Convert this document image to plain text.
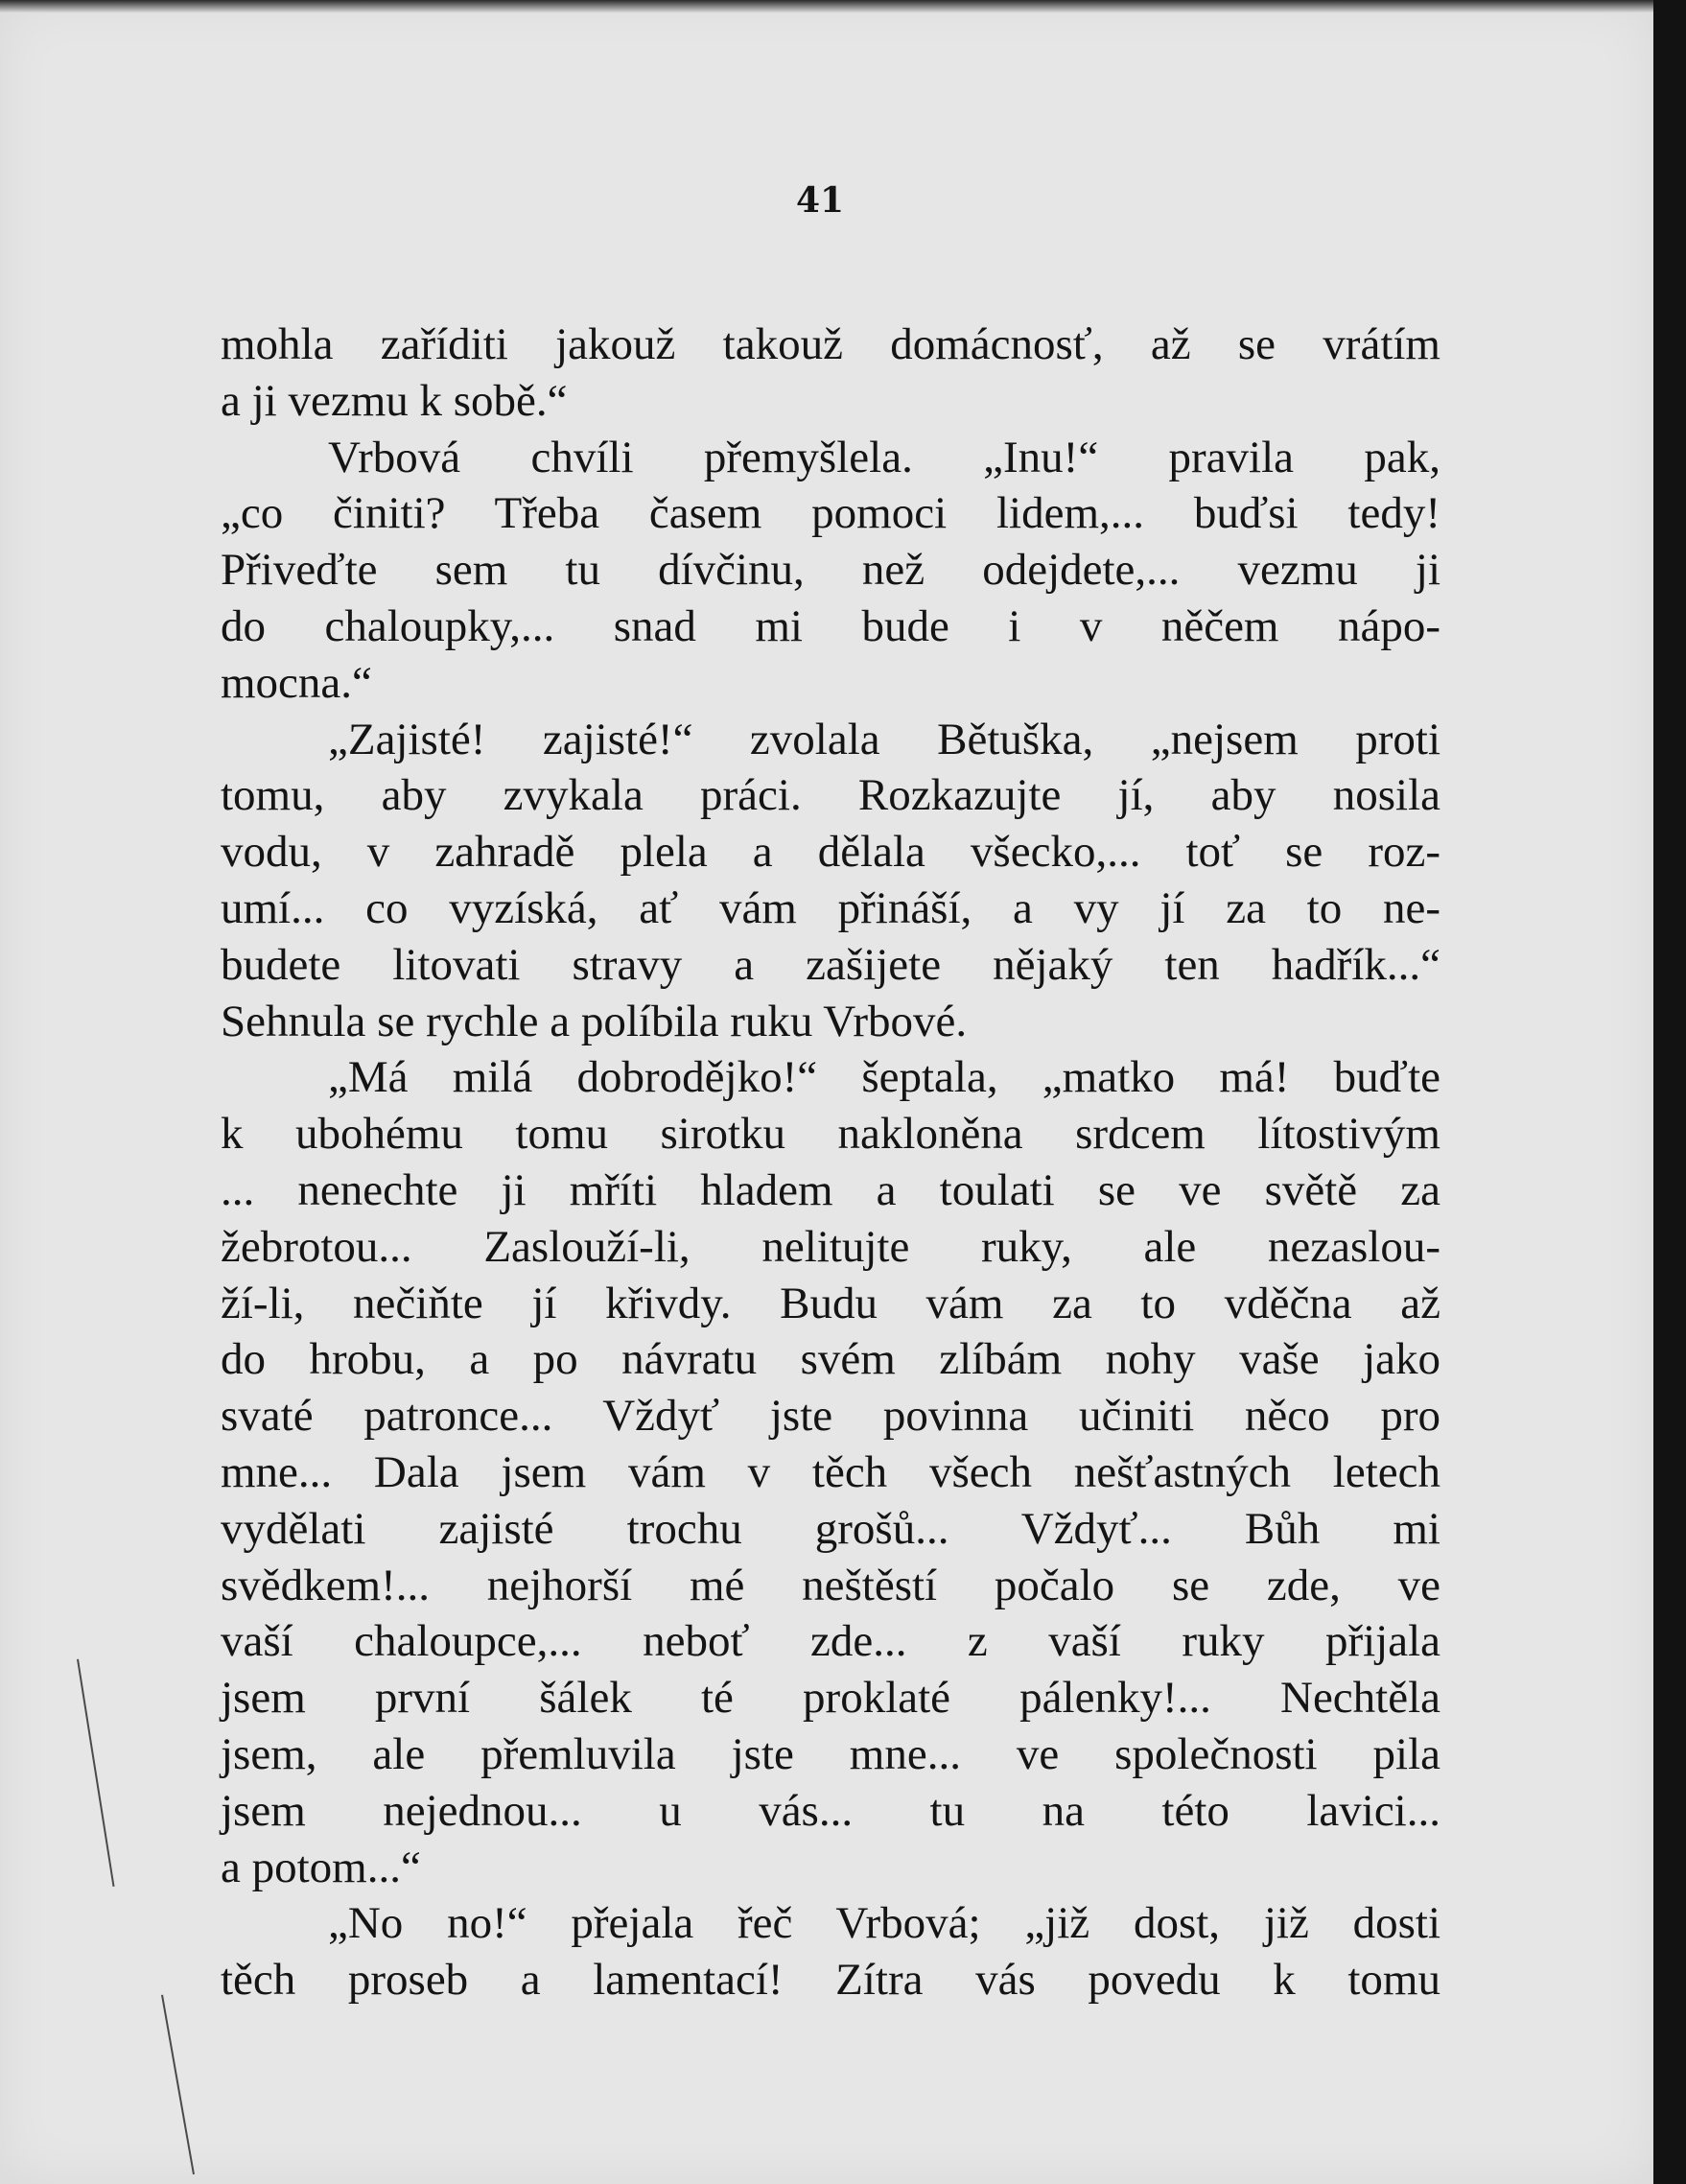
41
mohla zaříditi jakouž takouž domácnosť, až se vrátím
a ji vezmu k sobě.“
Vrbová chvíli přemyšlela. „Inu!“ pravila pak,
„co činiti? Třeba časem pomoci lidem,... buďsi tedy!
Přiveďte sem tu dívčinu, než odejdete,... vezmu ji
do chaloupky,... snad mi bude i v něčem nápo-
mocna.“
„Zajisté! zajisté!“ zvolala Bětuška, „nejsem proti
tomu, aby zvykala práci. Rozkazujte jí, aby nosila
vodu, v zahradě plela a dělala všecko,... toť se roz-
umí... co vyzíská, ať vám přináší, a vy jí za to ne-
budete litovati stravy a zašijete nějaký ten hadřík...“
Sehnula se rychle a políbila ruku Vrbové.
„Má milá dobrodějko!“ šeptala, „matko má! buďte
k ubohému tomu sirotku nakloněna srdcem lítostivým
... nenechte ji mříti hladem a toulati se ve světě za
žebrotou... Zaslouží-li, nelitujte ruky, ale nezaslou-
ží-li, nečiňte jí křivdy. Budu vám za to vděčna až
do hrobu, a po návratu svém zlíbám nohy vaše jako
svaté patronce... Vždyť jste povinna učiniti něco pro
mne... Dala jsem vám v těch všech nešťastných letech
vydělati zajisté trochu grošů... Vždyť... Bůh mi
svědkem!... nejhorší mé neštěstí počalo se zde, ve
vaší chaloupce,... neboť zde... z vaší ruky přijala
jsem první šálek té proklaté pálenky!... Nechtěla
jsem, ale přemluvila jste mne... ve společnosti pila
jsem nejednou... u vás... tu na této lavici...
a potom...“
„No no!“ přejala řeč Vrbová; „již dost, již dosti
těch proseb a lamentací! Zítra vás povedu k tomu
